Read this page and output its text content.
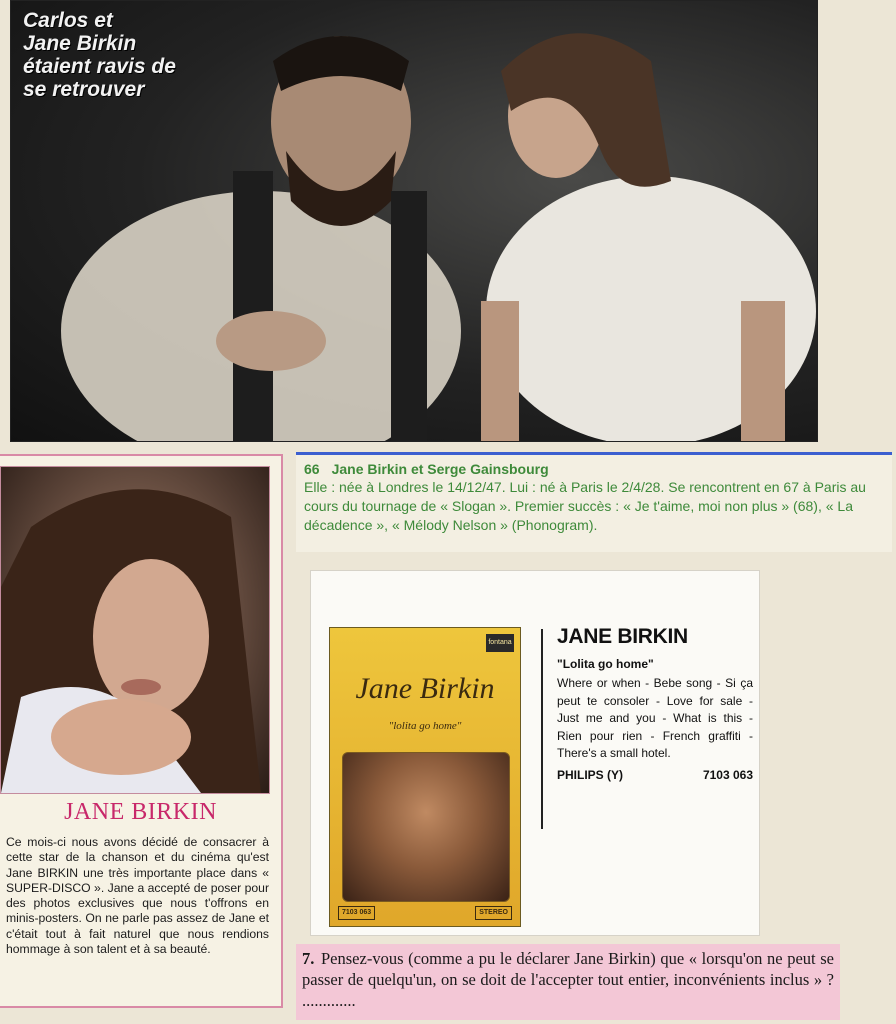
Carlos et
Jane Birkin
étaient ravis de
se retrouver
JANE BIRKIN
Ce mois-ci nous avons décidé de consacrer à cette star de la chanson et du cinéma qu'est Jane BIRKIN une très importante place dans « SUPER-DISCO ». Jane a accepté de poser pour des photos exclusives que nous t'offrons en minis-posters. On ne parle pas assez de Jane et c'était tout à fait naturel que nous rendions hommage à son talent et à sa beauté.
66 Jane Birkin et Serge Gainsbourg
Elle : née à Londres le 14/12/47. Lui : né à Paris le 2/4/28. Se rencontrent en 67 à Paris au cours du tournage de « Slogan ». Premier succès : « Je t'aime, moi non plus » (68), « La décadence », « Mélody Nelson » (Phonogram).
fontana
Jane Birkin
"lolita go home"
7103 063	STEREO
JANE BIRKIN
"Lolita go home"
Where or when - Bebe song - Si ça peut te consoler - Love for sale - Just me and you - What is this - Rien pour rien - French graffiti - There's a small hotel.
PHILIPS (Y)	7103 063
7. Pensez-vous (comme a pu le déclarer Jane Birkin) que « lorsqu'on ne peut se passer de quelqu'un, on se doit de l'accepter tout entier, inconvénients inclus » ? .............
